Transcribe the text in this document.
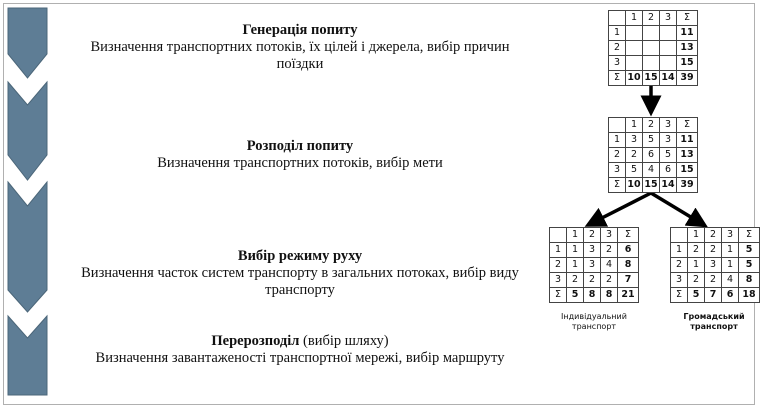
Генерація попиту
Визначення транспортних потоків, їх цілей і джерела, вибір причин поїздки
Розподіл попиту
Визначення транспортних потоків, вибір мети
Вибір режиму руху
Визначення часток систем транспорту в загальних потоках, вибір виду транспорту
Перерозподіл (вибір шляху)
Визначення завантаженості транспортної мережі, вибір маршруту
	1	2	3	Σ
1				11
2				13
3				15
Σ	10	15	14	39
	1	2	3	Σ
1	3	5	3	11
2	2	6	5	13
3	5	4	6	15
Σ	10	15	14	39
	1	2	3	Σ
1	1	3	2	6
2	1	3	4	8
3	2	2	2	7
Σ	5	8	8	21
	1	2	3	Σ
1	2	2	1	5
2	1	3	1	5
3	2	2	4	8
Σ	5	7	6	18
Індивідуальний транспорт
Громадський транспорт
